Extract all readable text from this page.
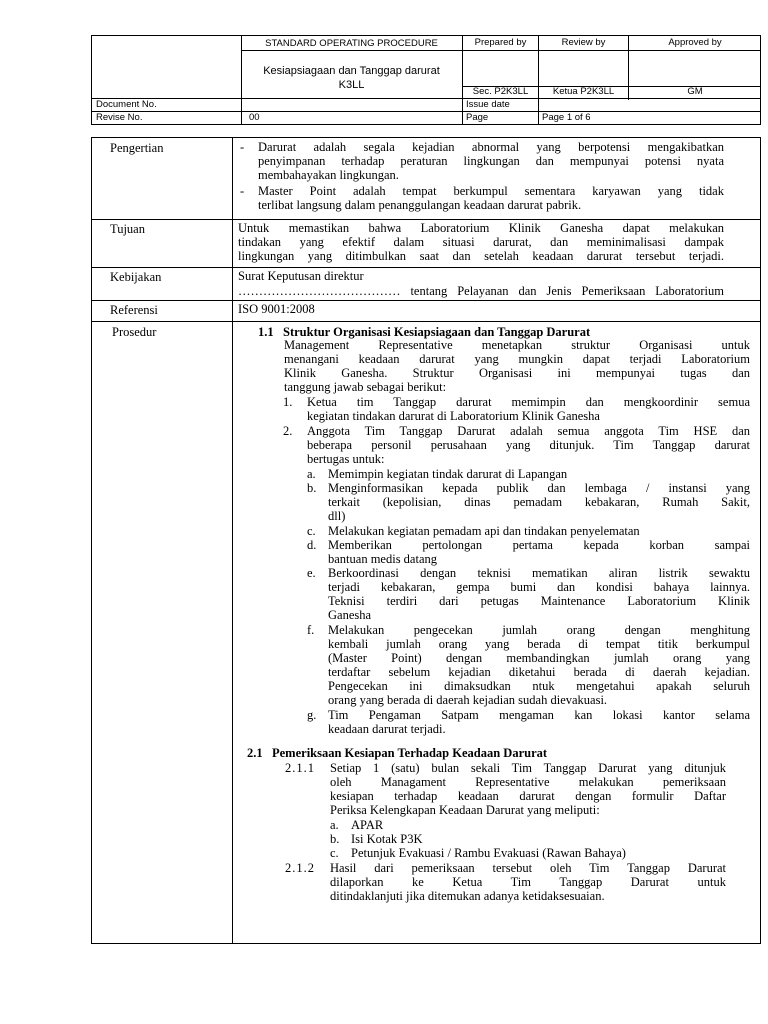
STANDARD OPERATING PROCEDURE	Prepared by	Review by	Approved by
Kesiapsiagaan dan Tanggap darurat
K3LL
Sec. P2K3LL	Ketua P2K3LL	GM
Document No.	Issue date
Revise No.	00	Page	Page 1 of 6
Pengertian	- Darurat adalah segala kejadian abnormal yang berpotensi mengakibatkan
penyimpanan terhadap peraturan lingkungan dan mempunyai potensi nyata
membahayakan lingkungan.
- Master Point adalah tempat berkumpul sementara karyawan yang tidak
terlibat langsung dalam penanggulangan keadaan darurat pabrik.
Tujuan	Untuk memastikan bahwa Laboratorium Klinik Ganesha dapat melakukan
tindakan yang efektif dalam situasi darurat, dan meminimalisasi dampak
lingkungan yang ditimbulkan saat dan setelah keadaan darurat tersebut terjadi.
Kebijakan	Surat Keputusan direktur
………………………………… tentang Pelayanan dan Jenis Pemeriksaan Laboratorium
Referensi	ISO 9001:2008
Prosedur	1.1 Struktur Organisasi Kesiapsiagaan dan Tanggap Darurat
Management Representative menetapkan struktur Organisasi untuk
menangani keadaan darurat yang mungkin dapat terjadi Laboratorium
Klinik Ganesha. Struktur Organisasi ini mempunyai tugas dan
tanggung jawab sebagai berikut:
1. Ketua tim Tanggap darurat memimpin dan mengkoordinir semua
kegiatan tindakan darurat di Laboratorium Klinik Ganesha
2. Anggota Tim Tanggap Darurat adalah semua anggota Tim HSE dan
beberapa personil perusahaan yang ditunjuk. Tim Tanggap darurat
bertugas untuk:
a. Memimpin kegiatan tindak darurat di Lapangan
b. Menginformasikan kepada publik dan lembaga / instansi yang
terkait (kepolisian, dinas pemadam kebakaran, Rumah Sakit,
dll)
c. Melakukan kegiatan pemadam api dan tindakan penyelematan
d. Memberikan pertolongan pertama kepada korban sampai
bantuan medis datang
e. Berkoordinasi dengan teknisi mematikan aliran listrik sewaktu
terjadi kebakaran, gempa bumi dan kondisi bahaya lainnya.
Teknisi terdiri dari petugas Maintenance Laboratorium Klinik
Ganesha
f. Melakukan pengecekan jumlah orang dengan menghitung
kembali jumlah orang yang berada di tempat titik berkumpul
(Master Point) dengan membandingkan jumlah orang yang
terdaftar sebelum kejadian diketahui berada di daerah kejadian.
Pengecekan ini dimaksudkan ntuk mengetahui apakah seluruh
orang yang berada di daerah kejadian sudah dievakuasi.
g. Tim Pengaman Satpam mengaman kan lokasi kantor selama
keadaan darurat terjadi.
2.1 Pemeriksaan Kesiapan Terhadap Keadaan Darurat
2.1.1 Setiap 1 (satu) bulan sekali Tim Tanggap Darurat yang ditunjuk
oleh Managament Representative melakukan pemeriksaan
kesiapan terhadap keadaan darurat dengan formulir Daftar
Periksa Kelengkapan Keadaan Darurat yang meliputi:
a. APAR
b. Isi Kotak P3K
c. Petunjuk Evakuasi / Rambu Evakuasi (Rawan Bahaya)
2.1.2 Hasil dari pemeriksaan tersebut oleh Tim Tanggap Darurat
dilaporkan ke Ketua Tim Tanggap Darurat untuk
ditindaklanjuti jika ditemukan adanya ketidaksesuaian.
